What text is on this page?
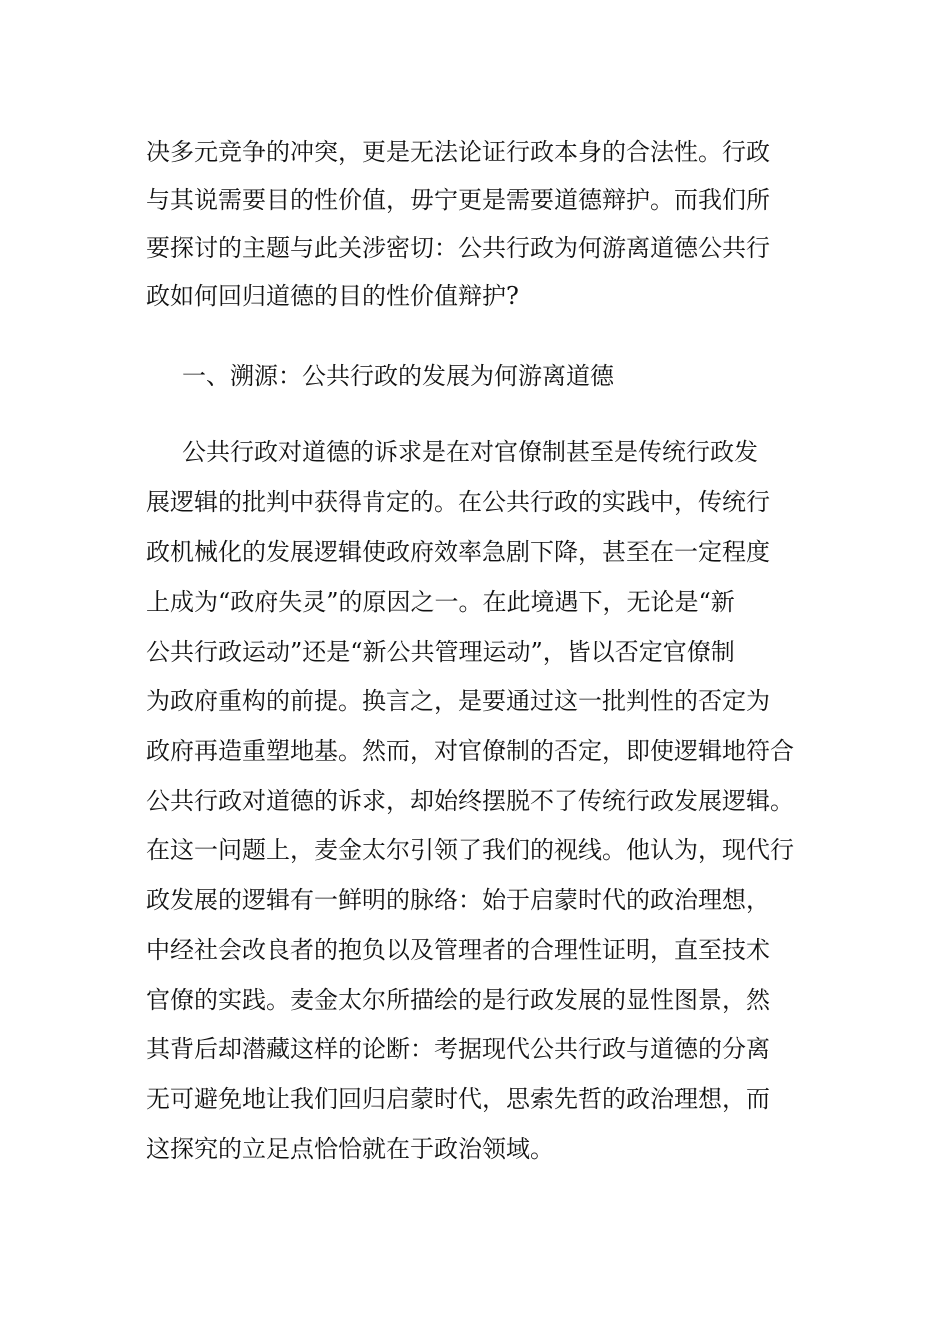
决多元竞争的冲突，更是无法论证行政本身的合法性。行政
与其说需要目的性价值，毋宁更是需要道德辩护。而我们所
要探讨的主题与此关涉密切：公共行政为何游离道德公共行
政如何回归道德的目的性价值辩护?
一、溯源：公共行政的发展为何游离道德
公共行政对道德的诉求是在对官僚制甚至是传统行政发
展逻辑的批判中获得肯定的。在公共行政的实践中，传统行
政机械化的发展逻辑使政府效率急剧下降，甚至在一定程度
上成为“政府失灵”的原因之一。在此境遇下，无论是“新
公共行政运动”还是“新公共管理运动”，皆以否定官僚制
为政府重构的前提。换言之，是要通过这一批判性的否定为
政府再造重塑地基。然而，对官僚制的否定，即使逻辑地符合
公共行政对道德的诉求，却始终摆脱不了传统行政发展逻辑。
在这一问题上，麦金太尔引领了我们的视线。他认为，现代行
政发展的逻辑有一鲜明的脉络：始于启蒙时代的政治理想，
中经社会改良者的抱负以及管理者的合理性证明，直至技术
官僚的实践。麦金太尔所描绘的是行政发展的显性图景，然
其背后却潜藏这样的论断：考据现代公共行政与道德的分离
无可避免地让我们回归启蒙时代，思索先哲的政治理想，而
这探究的立足点恰恰就在于政治领域。
